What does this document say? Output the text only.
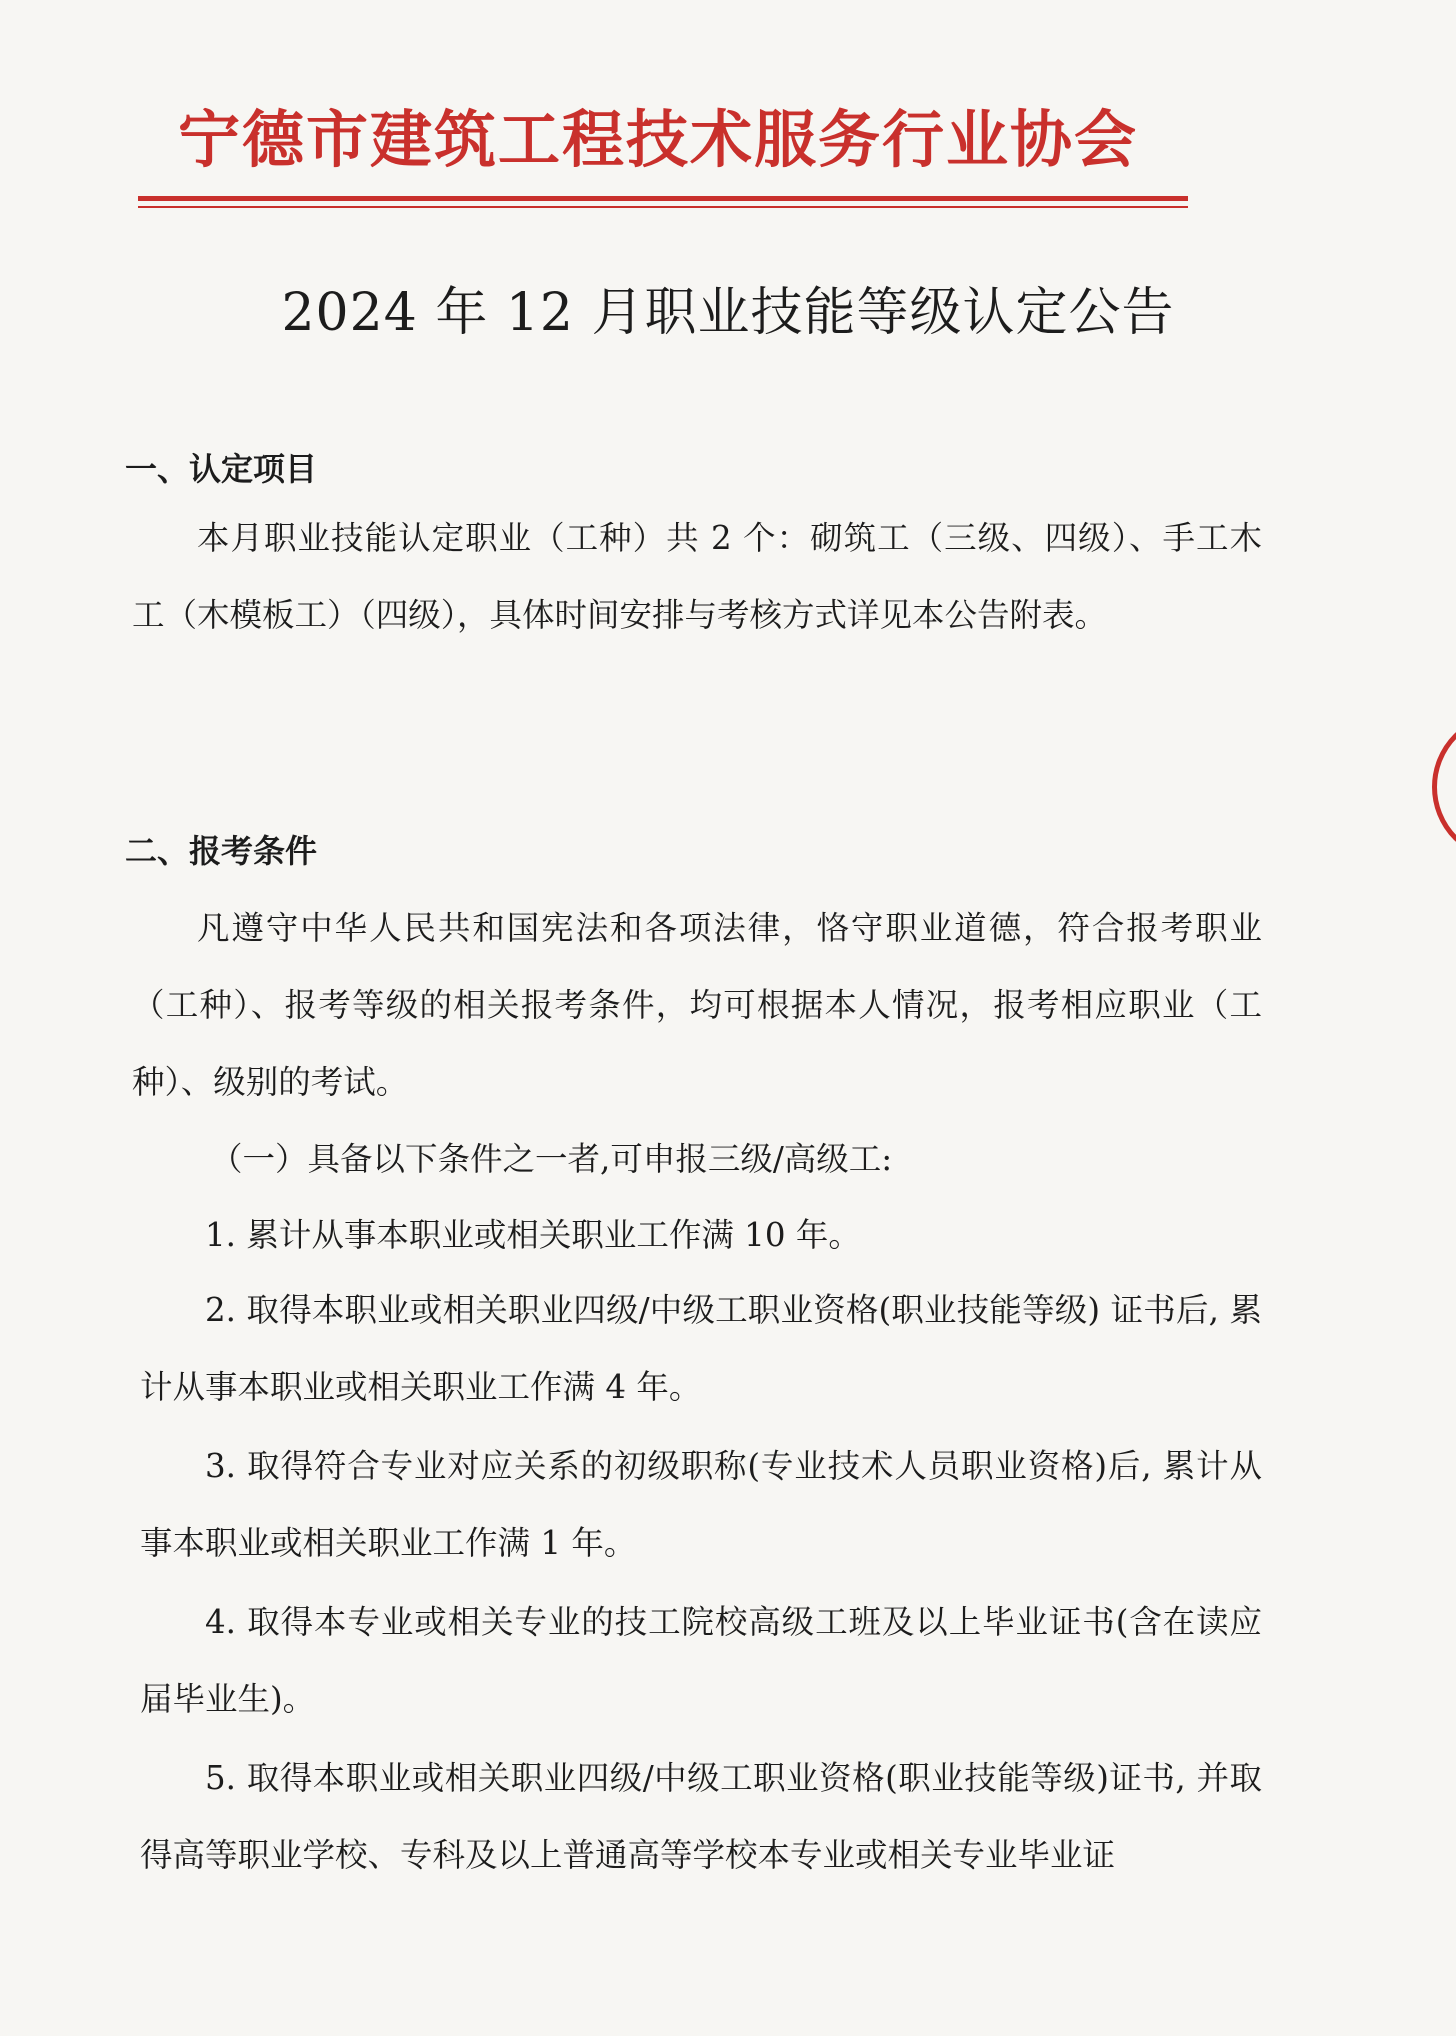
宁德市建筑工程技术服务行业协会
2024 年 12 月职业技能等级认定公告
一、认定项目

本月职业技能认定职业（工种）共 2 个：砌筑工（三级、四级）、手工木工（木模板工）（四级），具体时间安排与考核方式详见本公告附表。

二、报考条件

凡遵守中华人民共和国宪法和各项法律，恪守职业道德，符合报考职业（工种）、报考等级的相关报考条件，均可根据本人情况，报考相应职业（工种）、级别的考试。

（一）具备以下条件之一者,可申报三级/高级工:
1. 累计从事本职业或相关职业工作满 10 年。

2. 取得本职业或相关职业四级/中级工职业资格(职业技能等级) 证书后, 累计从事本职业或相关职业工作满 4 年。

3. 取得符合专业对应关系的初级职称(专业技术人员职业资格)后, 累计从事本职业或相关职业工作满 1 年。

4. 取得本专业或相关专业的技工院校高级工班及以上毕业证书(含在读应届毕业生)。

5. 取得本职业或相关职业四级/中级工职业资格(职业技能等级)证书, 并取得高等职业学校、专科及以上普通高等学校本专业或相关专业毕业证
